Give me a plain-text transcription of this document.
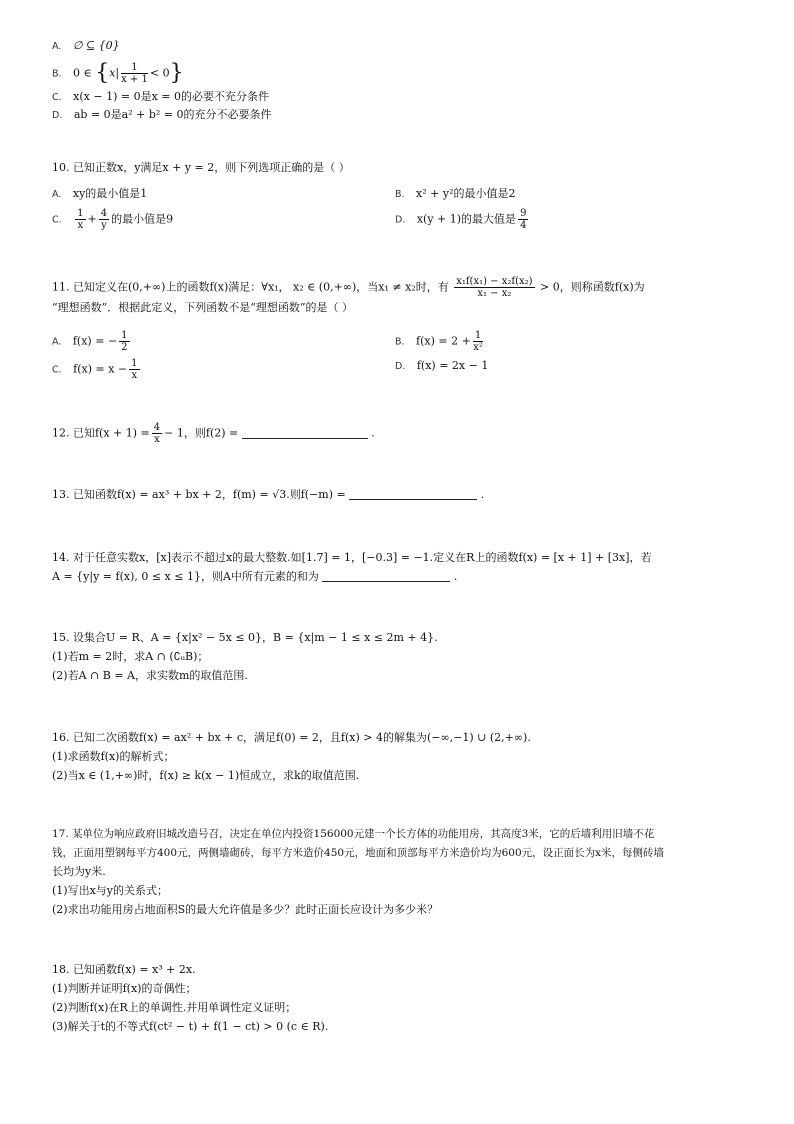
A. ∅ ⊆ {0}
B. 0 ∈ $\{x| \frac{1}{x + 1} < 0\}$
C. x(x − 1) = 0是x = 0的必要不充分条件
D. ab = 0是a² + b² = 0的充分不必要条件
10. 已知正数x，y满足x + y = 2，则下列选项正确的是（ ）
A. xy的最小值是1	B. x² + y²的最小值是2
C. $\frac{1}{x} + \frac{4}{y}$ 的最小值是9	D. x(y + 1)的最大值是 $\frac{9}{4}$
11. 已知定义在(0,+∞)上的函数f(x)满足：∀x₁， x₂ ∈ (0,+∞)，当x₁ ≠ x₂时，有 $\frac{\text{x₁f(x₁) − x₂f(x₂)}}{\text{x₁ − x₂}} > 0$，则称函数f(x)为
“理想函数”．根据此定义，下列函数不是“理想函数”的是（ ）
A. f(x) = − $\frac{1}{2}$	B. $f(x) = 2 + \frac{1}{\text{x²}}$
C. $f(x) = x - \frac{1}{x}$	D. f(x) = 2x − 1
12. 已知$f(x + 1) = \frac{4}{x} - 1$，则f(2) =	.
13. 已知函数f(x) = ax³ + bx + 2，f(m) = √3.则f(−m) =	.
14. 对于任意实数x，[x]表示不超过x的最大整数.如[1.7] = 1，[−0.3] = −1.定义在R上的函数f(x) = [x + 1] + [3x]，若
A = {y|y = f(x), 0 ≤ x ≤ 1}，则A中所有元素的和为	.
15. 设集合U = R、A = {x|x² − 5x ≤ 0}，B = {x|m − 1 ≤ x ≤ 2m + 4}.
(1)若m = 2时，求A ∩ (∁ᵤB)；
(2)若A ∩ B = A，求实数m的取值范围.
16. 已知二次函数f(x) = ax² + bx + c，满足f(0) = 2，且f(x) > 4的解集为(−∞,−1) ∪ (2,+∞).
(1)求函数f(x)的解析式；
(2)当x ∈ (1,+∞)时，f(x) ≥ k(x − 1)恒成立，求k的取值范围.
17. 某单位为响应政府旧城改造号召，决定在单位内投资156000元建一个长方体的功能用房，其高度3米，它的后墙利用旧墙不花
钱，正面用塑钢每平方400元，两侧墙砌砖，每平方米造价450元，地面和顶部每平方米造价均为600元，设正面长为x米，每侧砖墙
长均为y米.
(1)写出x与y的关系式；
(2)求出功能用房占地面积S的最大允许值是多少？此时正面长应设计为多少米？
18. 已知函数f(x) = x³ + 2x.
(1)判断并证明f(x)的奇偶性；
(2)判断f(x)在R上的单调性.并用单调性定义证明；
(3)解关于t的不等式f(ct² − t) + f(1 − ct) > 0 (c ∈ R).
